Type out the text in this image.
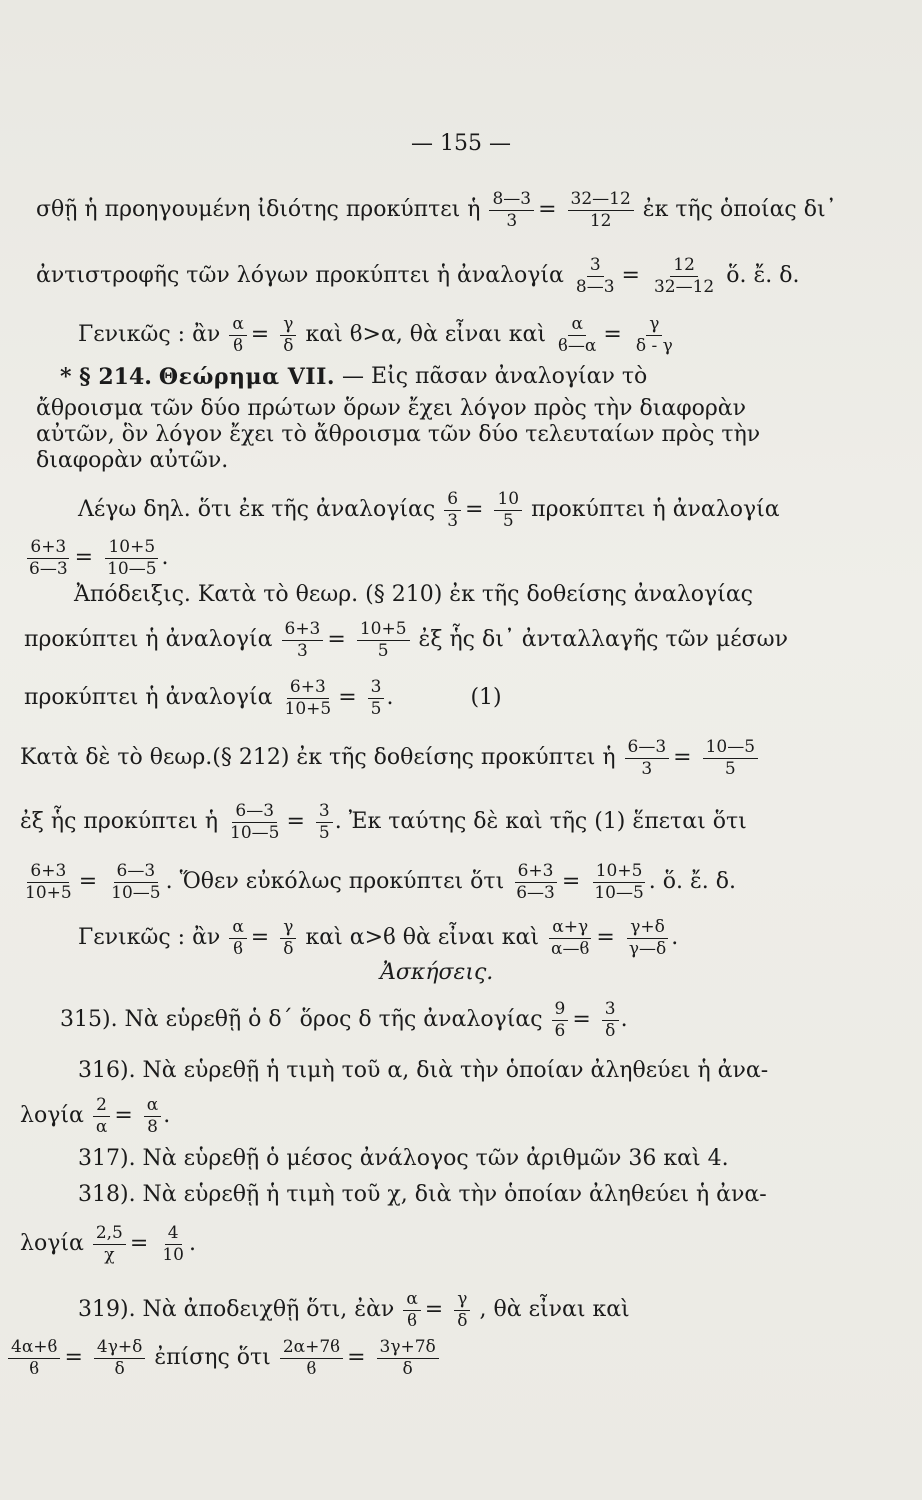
— 155 —
σθῇ ἡ προηγουμένη ἰδιότης προκύπτει ἡ $\frac{8—3}{3} = \frac{32—12}{12}$ ἐκ τῆς ὁποίας δι᾿
ἀντιστροφῆς τῶν λόγων προκύπτει ἡ ἀναλογία $\frac{3}{8—3} = \frac{12}{32—12}$ ὅ. ἔ. δ.
Γενικῶς : ἂν $\frac{\alpha}{ϐ} = \frac{\gamma}{\delta}$ καὶ ϐ>α, θὰ εἶναι καὶ $\frac{\alpha}{ϐ—\alpha} = \frac{\gamma}{\delta - \gamma}$
* § 214. Θεώρημα VII. — Εἰς πᾶσαν ἀναλογίαν τὸ
ἄθροισμα τῶν δύο πρώτων ὅρων ἔχει λόγον πρὸς τὴν διαφορὰν
αὐτῶν, ὃν λόγον ἔχει τὸ ἄθροισμα τῶν δύο τελευταίων πρὸς τὴν
διαφορὰν αὐτῶν.
Λέγω δηλ. ὅτι ἐκ τῆς ἀναλογίας $\frac{6}{3} = \frac{10}{5}$ προκύπτει ἡ ἀναλογία
$\frac{6+3}{6—3} = \frac{10+5}{10—5}$ .
Ἀπόδειξις. Κατὰ τὸ θεωρ. (§ 210) ἐκ τῆς δοθείσης ἀναλογίας
προκύπτει ἡ ἀναλογία $\frac{6+3}{3} = \frac{10+5}{5}$ ἐξ ἧς δι᾿ ἀνταλλαγῆς τῶν μέσων
προκύπτει ἡ ἀναλογία $\frac{6+3}{10+5} = \frac{3}{5}$ .	(1)
Κατὰ δὲ τὸ θεωρ.(§ 212) ἐκ τῆς δοθείσης προκύπτει ἡ $\frac{6—3}{3} = \frac{10—5}{5}$
ἐξ ἧς προκύπτει ἡ $\frac{6—3}{10—5} = \frac{3}{5}$ . Ἐκ ταύτης δὲ καὶ τῆς (1) ἕπεται ὅτι
$\frac{6+3}{10+5} = \frac{6—3}{10—5}$ . Ὅθεν εὐκόλως προκύπτει ὅτι $\frac{6+3}{6—3} = \frac{10+5}{10—5}$ . ὅ. ἔ. δ.
Γενικῶς : ἂν $\frac{\alpha}{ϐ} = \frac{\gamma}{\delta}$ καὶ α>ϐ θὰ εἶναι καὶ $\frac{\alpha+\gamma}{\alpha—ϐ} = \frac{\gamma+\delta}{\gamma—\delta}$ .
Ἀσκήσεις.
315). Νὰ εὑρεθῇ ὁ δ΄ ὅρος δ τῆς ἀναλογίας $\frac{9}{6} = \frac{3}{\delta}$ .
316). Νὰ εὑρεθῇ ἡ τιμὴ τοῦ α, διὰ τὴν ὁποίαν ἀληθεύει ἡ ἀνα-
λογία $\frac{2}{\alpha} = \frac{\alpha}{8}$ .
317). Νὰ εὑρεθῇ ὁ μέσος ἀνάλογος τῶν ἀριθμῶν 36 καὶ 4.
318). Νὰ εὑρεθῇ ἡ τιμὴ τοῦ χ, διὰ τὴν ὁποίαν ἀληθεύει ἡ ἀνα-
λογία $\frac{2,5}{\chi} = \frac{4}{10}$ .
319). Νὰ ἀποδειχθῇ ὅτι, ἐὰν $\frac{\alpha}{ϐ} = \frac{\gamma}{\delta}$ , θὰ εἶναι καὶ
$\frac{4\alpha+ϐ}{ϐ} = \frac{4\gamma+\delta}{\delta}$ ἐπίσης ὅτι $\frac{2\alpha+7ϐ}{ϐ} = \frac{3\gamma+7\delta}{\delta}$
